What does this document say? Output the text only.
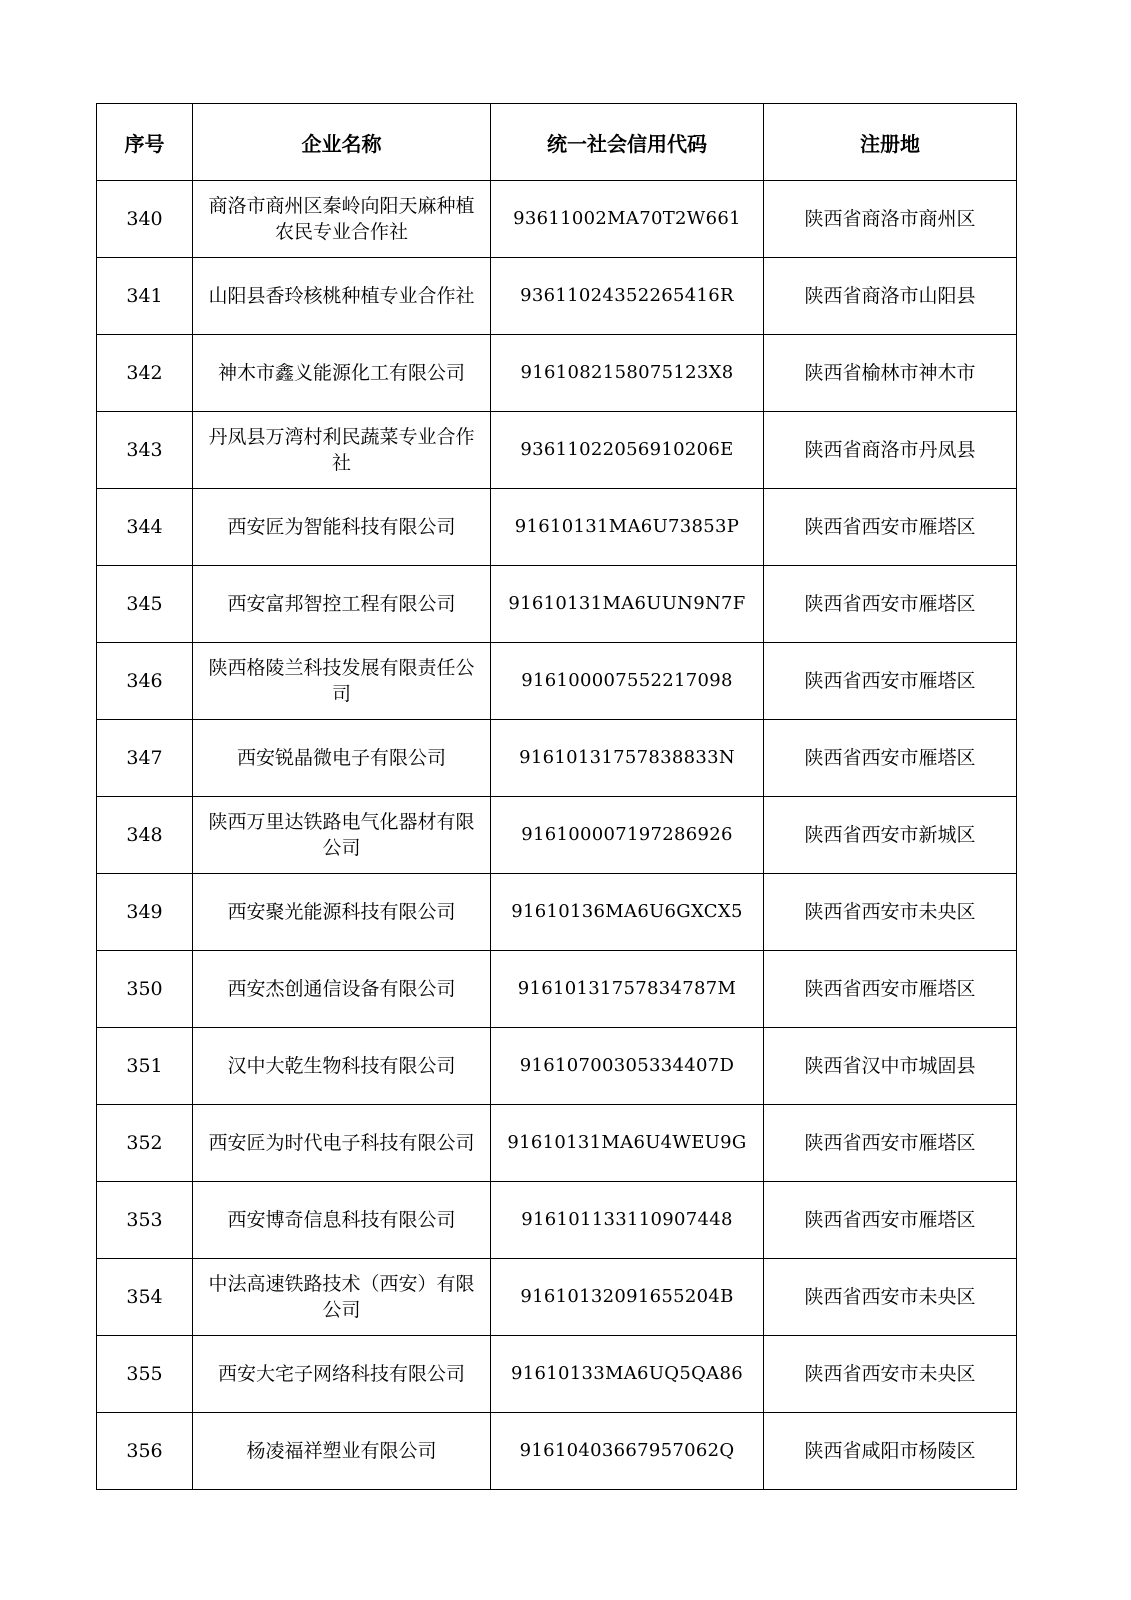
序号	企业名称	统一社会信用代码	注册地
340	商洛市商州区秦岭向阳天麻种植农民专业合作社	93611002MA70T2W661	陕西省商洛市商州区
341	山阳县香玲核桃种植专业合作社	93611024352265416R	陕西省商洛市山阳县
342	神木市鑫义能源化工有限公司	9161082158075123X8	陕西省榆林市神木市
343	丹凤县万湾村利民蔬菜专业合作社	93611022056910206E	陕西省商洛市丹凤县
344	西安匠为智能科技有限公司	91610131MA6U73853P	陕西省西安市雁塔区
345	西安富邦智控工程有限公司	91610131MA6UUN9N7F	陕西省西安市雁塔区
346	陕西格陵兰科技发展有限责任公司	916100007552217098	陕西省西安市雁塔区
347	西安锐晶微电子有限公司	91610131757838833N	陕西省西安市雁塔区
348	陕西万里达铁路电气化器材有限公司	916100007197286926	陕西省西安市新城区
349	西安聚光能源科技有限公司	91610136MA6U6GXCX5	陕西省西安市未央区
350	西安杰创通信设备有限公司	91610131757834787M	陕西省西安市雁塔区
351	汉中大乾生物科技有限公司	91610700305334407D	陕西省汉中市城固县
352	西安匠为时代电子科技有限公司	91610131MA6U4WEU9G	陕西省西安市雁塔区
353	西安博奇信息科技有限公司	916101133110907448	陕西省西安市雁塔区
354	中法高速铁路技术（西安）有限公司	91610132091655204B	陕西省西安市未央区
355	西安大宅子网络科技有限公司	91610133MA6UQ5QA86	陕西省西安市未央区
356	杨凌福祥塑业有限公司	91610403667957062Q	陕西省咸阳市杨陵区
